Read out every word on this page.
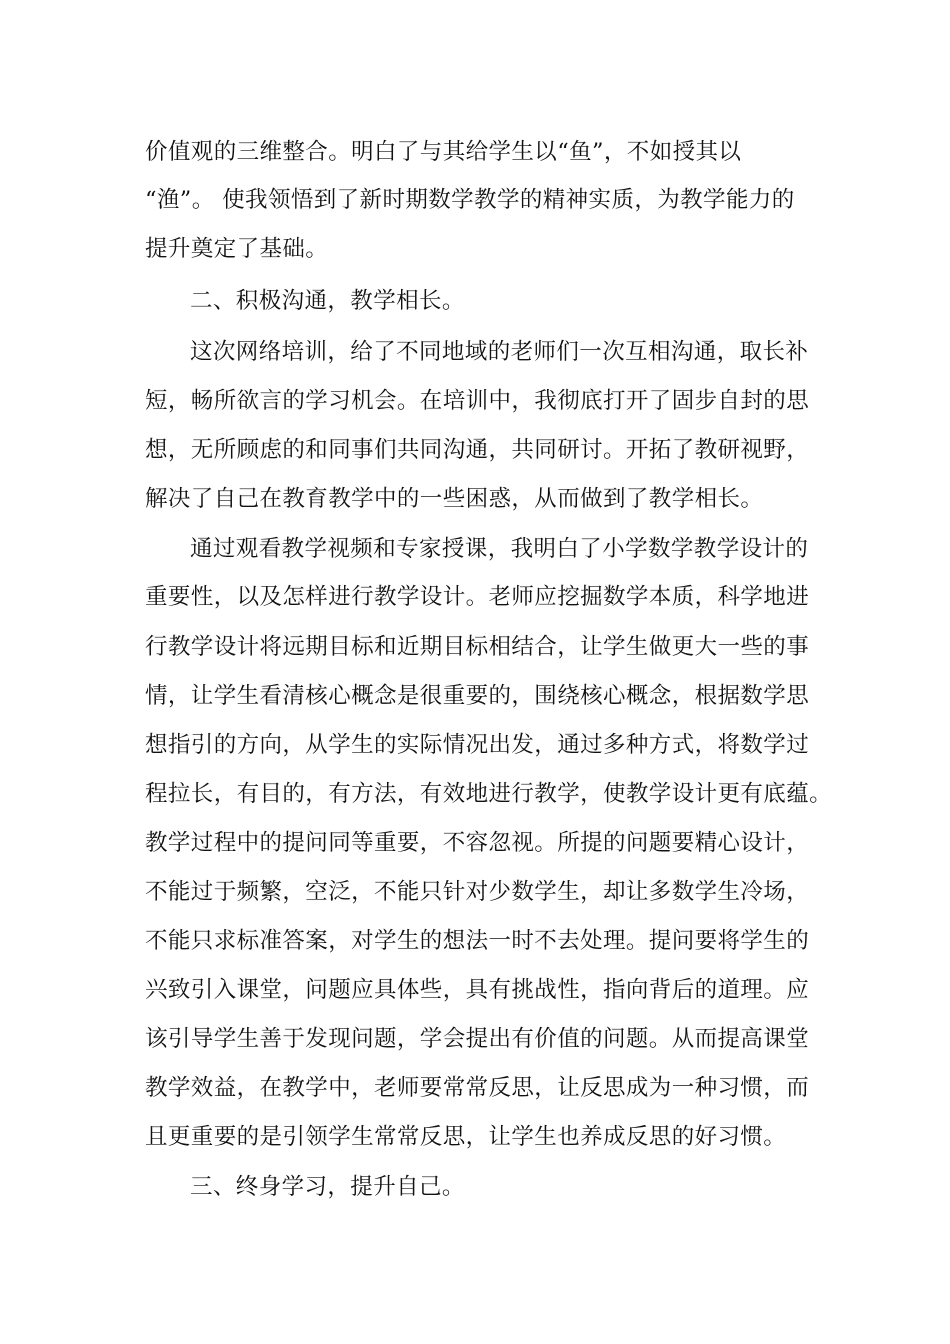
价值观的三维整合。明白了与其给学生以“鱼”，不如授其以
“渔”。 使我领悟到了新时期数学教学的精神实质，为教学能力的
提升奠定了基础。
二、积极沟通，教学相长。
这次网络培训，给了不同地域的老师们一次互相沟通，取长补
短，畅所欲言的学习机会。在培训中，我彻底打开了固步自封的思
想，无所顾虑的和同事们共同沟通，共同研讨。开拓了教研视野，
解决了自己在教育教学中的一些困惑，从而做到了教学相长。
通过观看教学视频和专家授课，我明白了小学数学教学设计的
重要性，以及怎样进行教学设计。老师应挖掘数学本质，科学地进
行教学设计将远期目标和近期目标相结合，让学生做更大一些的事
情，让学生看清核心概念是很重要的，围绕核心概念，根据数学思
想指引的方向，从学生的实际情况出发，通过多种方式，将数学过
程拉长，有目的，有方法，有效地进行教学，使教学设计更有底蕴。
教学过程中的提问同等重要，不容忽视。所提的问题要精心设计，
不能过于频繁，空泛，不能只针对少数学生，却让多数学生冷场，
不能只求标准答案，对学生的想法一时不去处理。提问要将学生的
兴致引入课堂，问题应具体些，具有挑战性，指向背后的道理。应
该引导学生善于发现问题，学会提出有价值的问题。从而提高课堂
教学效益，在教学中，老师要常常反思，让反思成为一种习惯，而
且更重要的是引领学生常常反思，让学生也养成反思的好习惯。
三、终身学习，提升自己。
